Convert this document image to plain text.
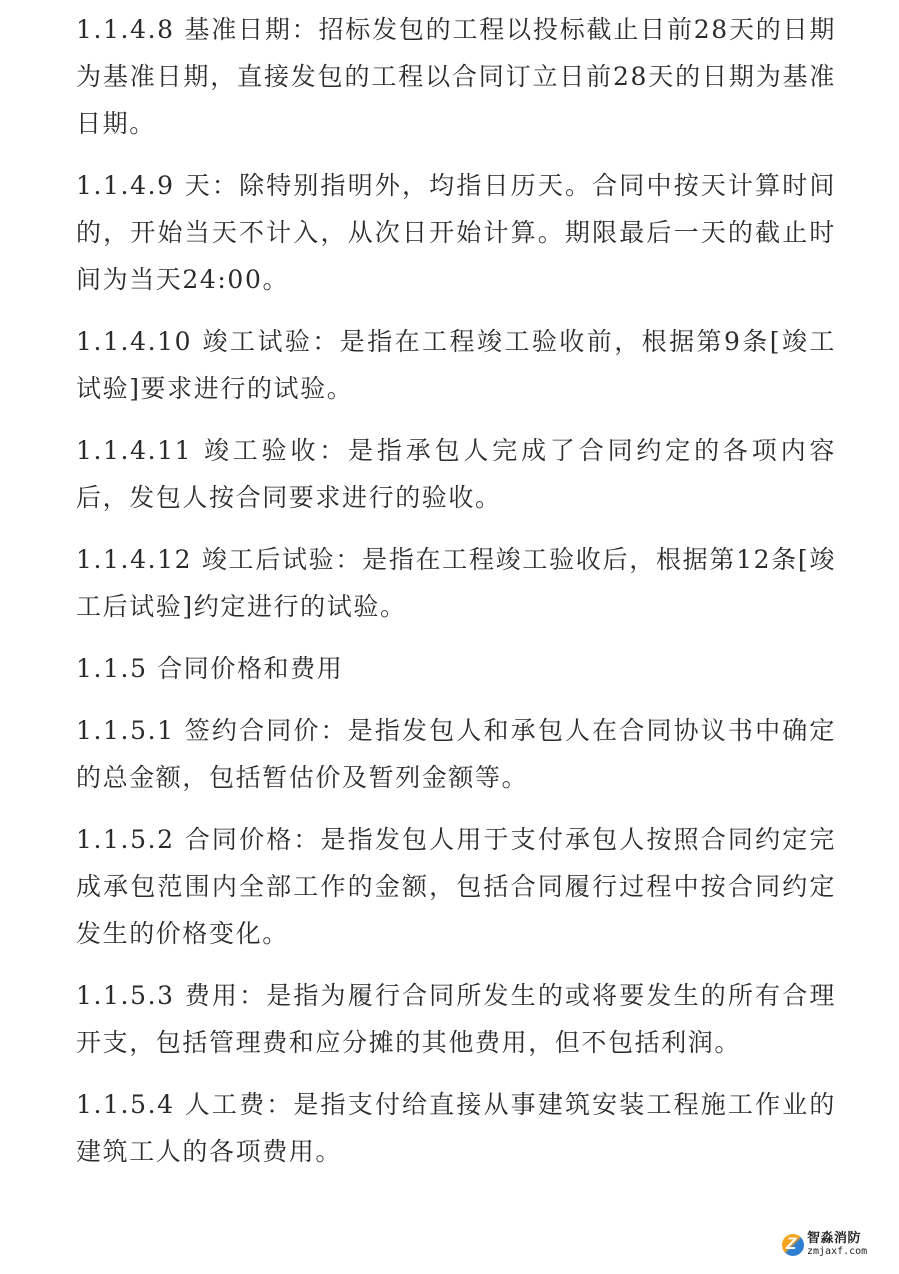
1.1.4.8 基准日期：招标发包的工程以投标截止日前28天的日期为基准日期，直接发包的工程以合同订立日前28天的日期为基准日期。

1.1.4.9 天：除特别指明外，均指日历天。合同中按天计算时间的，开始当天不计入，从次日开始计算。期限最后一天的截止时间为当天24:00。

1.1.4.10 竣工试验：是指在工程竣工验收前，根据第9条[竣工试验]要求进行的试验。

1.1.4.11 竣工验收：是指承包人完成了合同约定的各项内容后，发包人按合同要求进行的验收。

1.1.4.12 竣工后试验：是指在工程竣工验收后，根据第12条[竣工后试验]约定进行的试验。

1.1.5 合同价格和费用

1.1.5.1 签约合同价：是指发包人和承包人在合同协议书中确定的总金额，包括暂估价及暂列金额等。

1.1.5.2 合同价格：是指发包人用于支付承包人按照合同约定完成承包范围内全部工作的金额，包括合同履行过程中按合同约定发生的价格变化。

1.1.5.3 费用：是指为履行合同所发生的或将要发生的所有合理开支，包括管理费和应分摊的其他费用，但不包括利润。

1.1.5.4 人工费：是指支付给直接从事建筑安装工程施工作业的建筑工人的各项费用。

Z
智淼消防
zmjaxf.com
